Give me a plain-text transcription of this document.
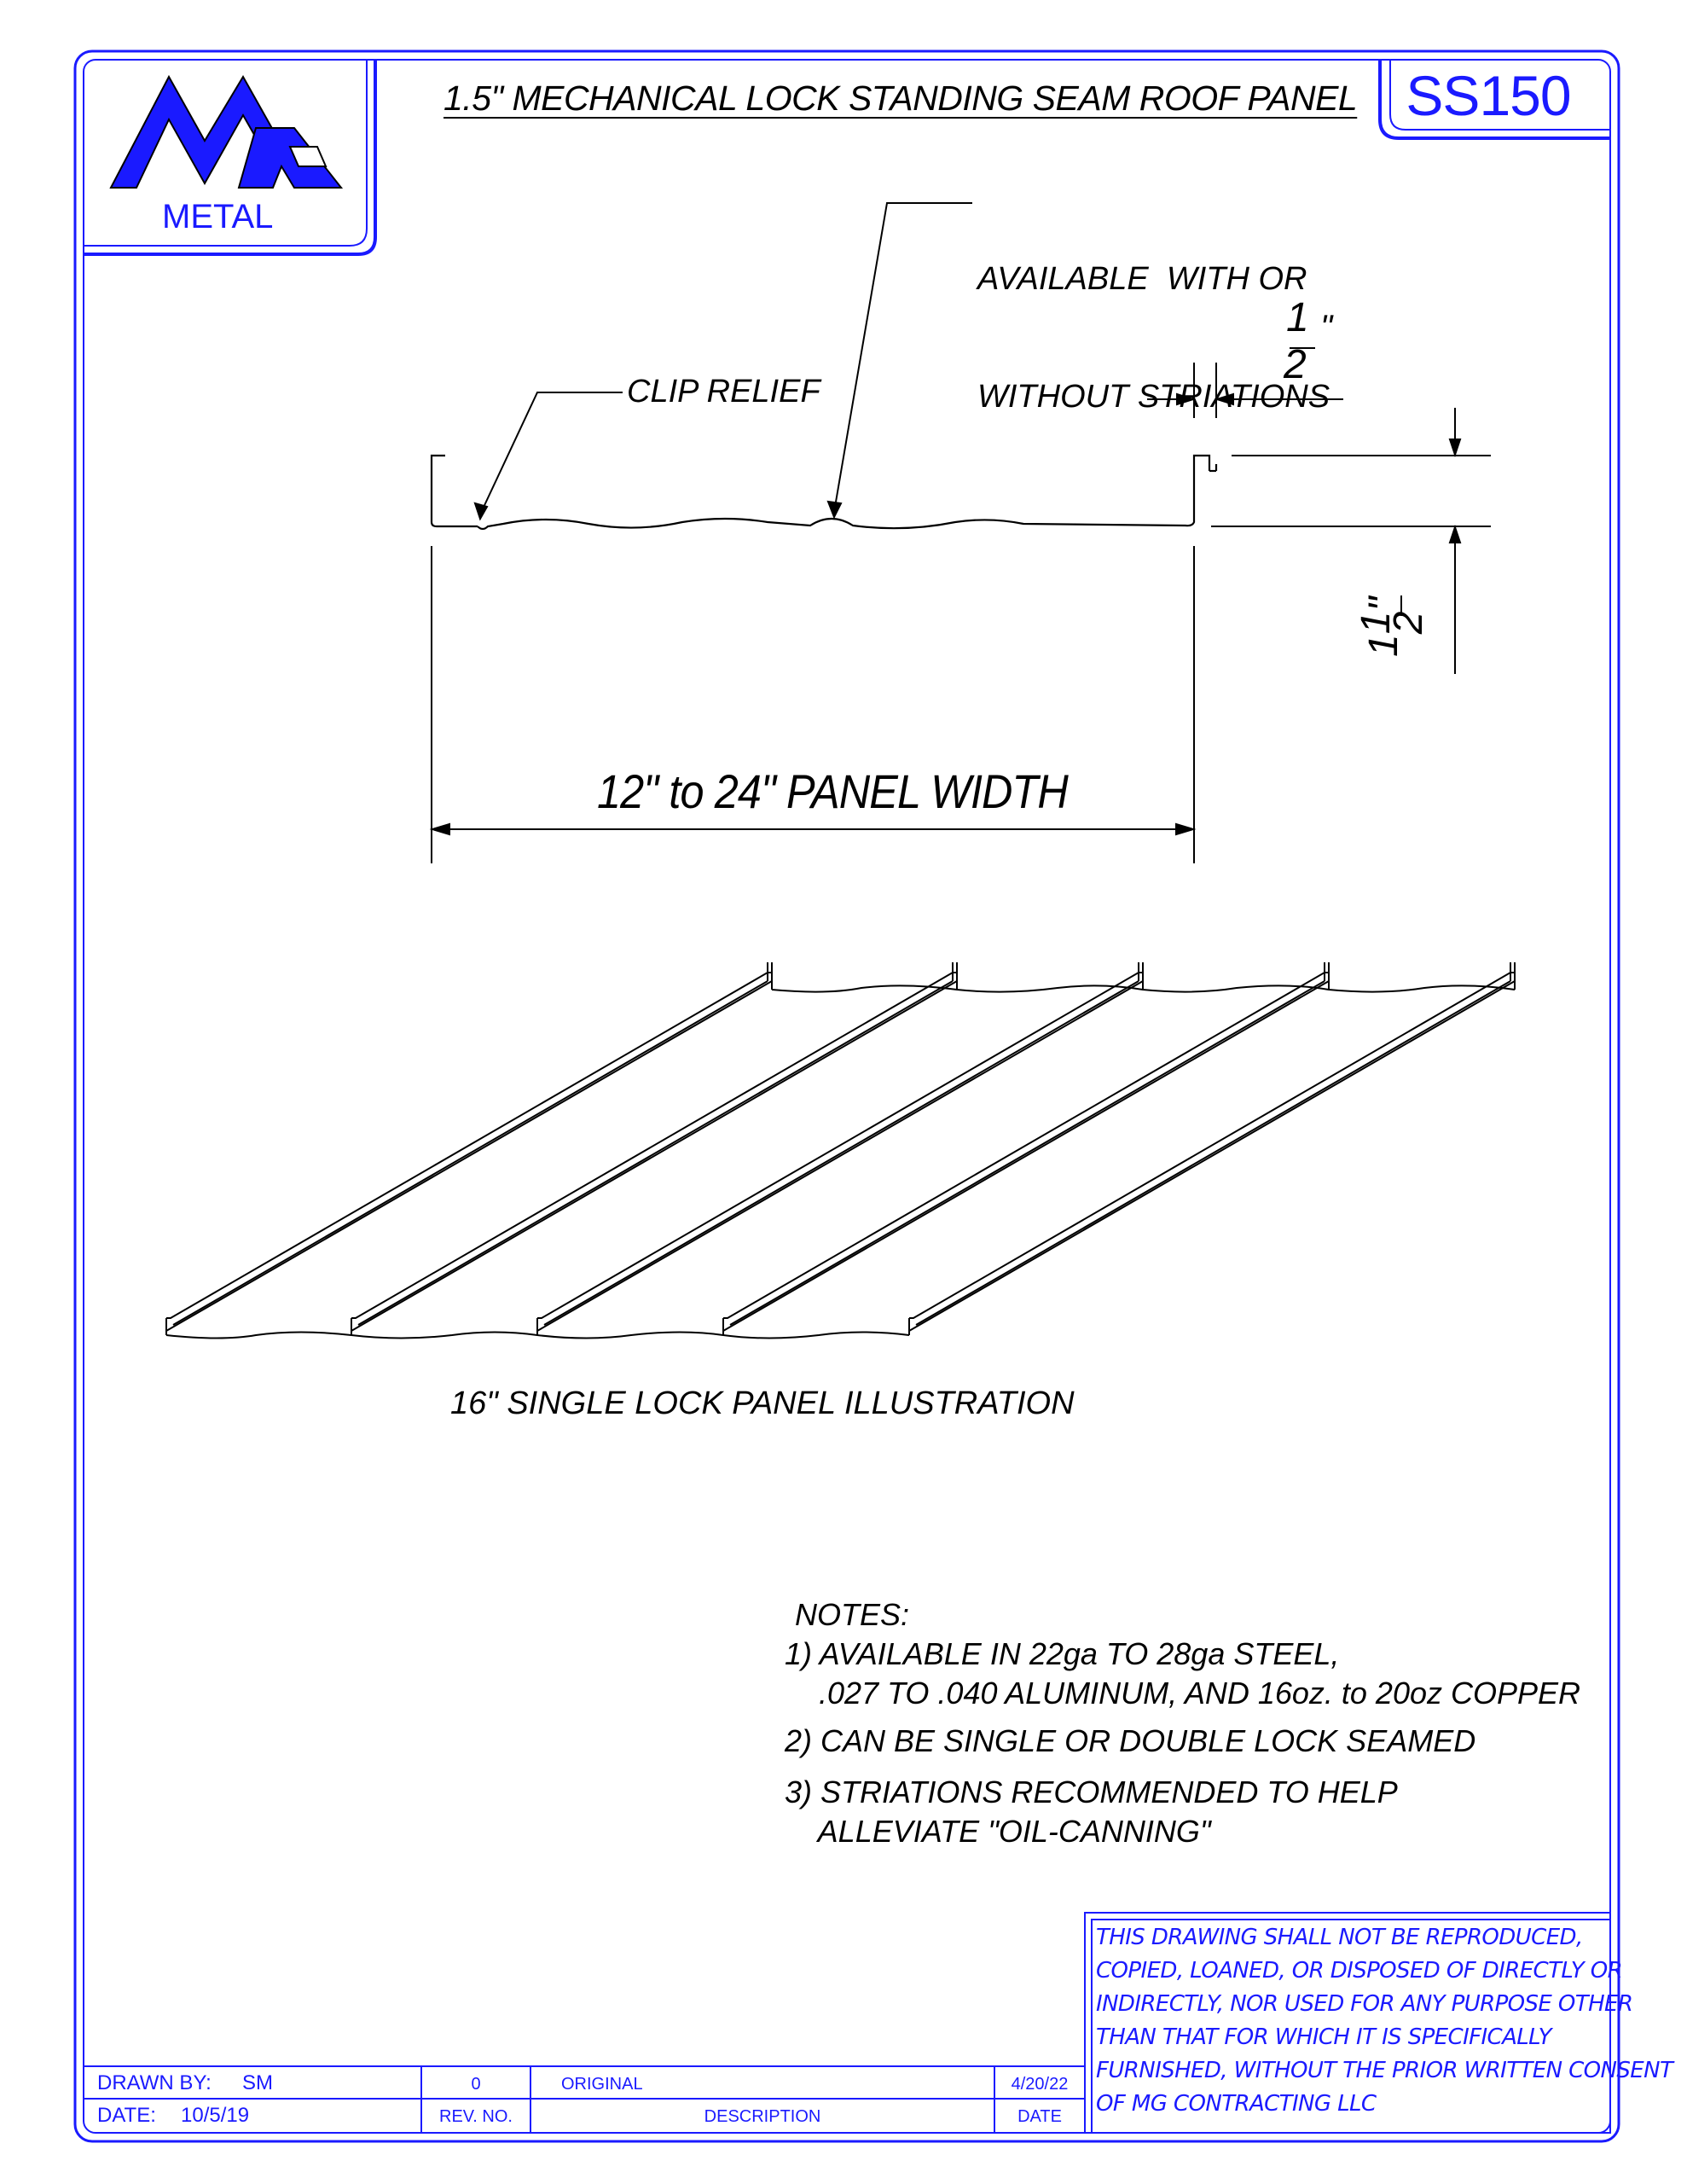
1.5" MECHANICAL LOCK STANDING SEAM ROOF PANEL SS150
METAL

AVAILABLE  WITH OR

WITHOUT STRIATIONS

CLIP RELIEF
1
2
"
1
1
2
"
12" to 24" PANEL WIDTH
16" SINGLE LOCK PANEL ILLUSTRATION
NOTES:
1) AVAILABLE IN 22ga TO 28ga STEEL,
.027 TO .040 ALUMINUM, AND 16oz. to 20oz COPPER
2) CAN BE SINGLE OR DOUBLE LOCK SEAMED
3) STRIATIONS RECOMMENDED TO HELP
ALLEVIATE "OIL-CANNING"
DRAWN BY: SM
DATE: 10/5/19
0	ORIGINAL	4/20/22
REV. NO.	DESCRIPTION	DATE
THIS DRAWING SHALL NOT BE REPRODUCED,
COPIED, LOANED, OR DISPOSED OF DIRECTLY OR
INDIRECTLY, NOR USED FOR ANY PURPOSE OTHER
THAN THAT FOR WHICH IT IS SPECIFICALLY
FURNISHED, WITHOUT THE PRIOR WRITTEN CONSENT
OF MG CONTRACTING LLC
